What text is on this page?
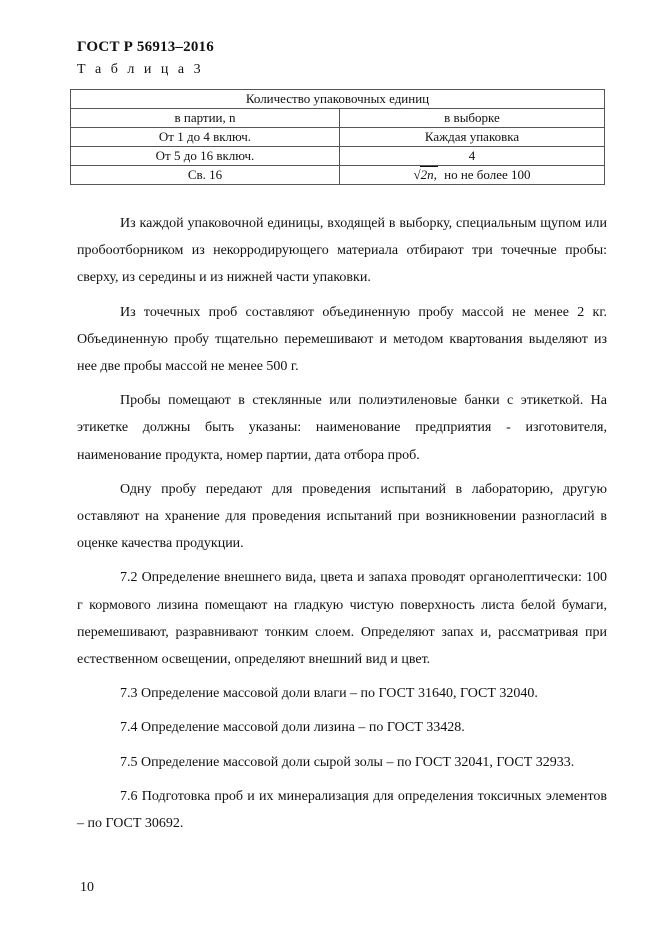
ГОСТ Р 56913–2016
Т а б л и ц а 3
Количество упаковочных единиц	
в партии, n	в выборке
От 1 до 4 включ.	Каждая упаковка
От 5 до 16 включ.	4
Св. 16	√2n, но не более 100

Из каждой упаковочной единицы, входящей в выборку, специальным щупом или пробоотборником из некорродирующего материала отбирают три точечные пробы: сверху, из середины и из нижней части упаковки.

Из точечных проб составляют объединенную пробу массой не менее 2 кг. Объединенную пробу тщательно перемешивают и методом квартования выделяют из нее две пробы массой не менее 500 г.

Пробы помещают в стеклянные или полиэтиленовые банки с этикеткой. На этикетке должны быть указаны: наименование предприятия - изготовителя, наименование продукта, номер партии, дата отбора проб.

Одну пробу передают для проведения испытаний в лабораторию, другую оставляют на хранение для проведения испытаний при возникновении разногласий в оценке качества продукции.

7.2 Определение внешнего вида, цвета и запаха проводят органолептически: 100 г кормового лизина помещают на гладкую чистую поверхность листа белой бумаги, перемешивают, разравнивают тонким слоем. Определяют запах и, рассматривая при естественном освещении, определяют внешний вид и цвет.

7.3 Определение массовой доли влаги – по ГОСТ 31640, ГОСТ 32040.

7.4 Определение массовой доли лизина – по ГОСТ 33428.

7.5 Определение массовой доли сырой золы – по ГОСТ 32041, ГОСТ 32933.

7.6 Подготовка проб и их минерализация для определения токсичных элементов – по ГОСТ 30692.

10
